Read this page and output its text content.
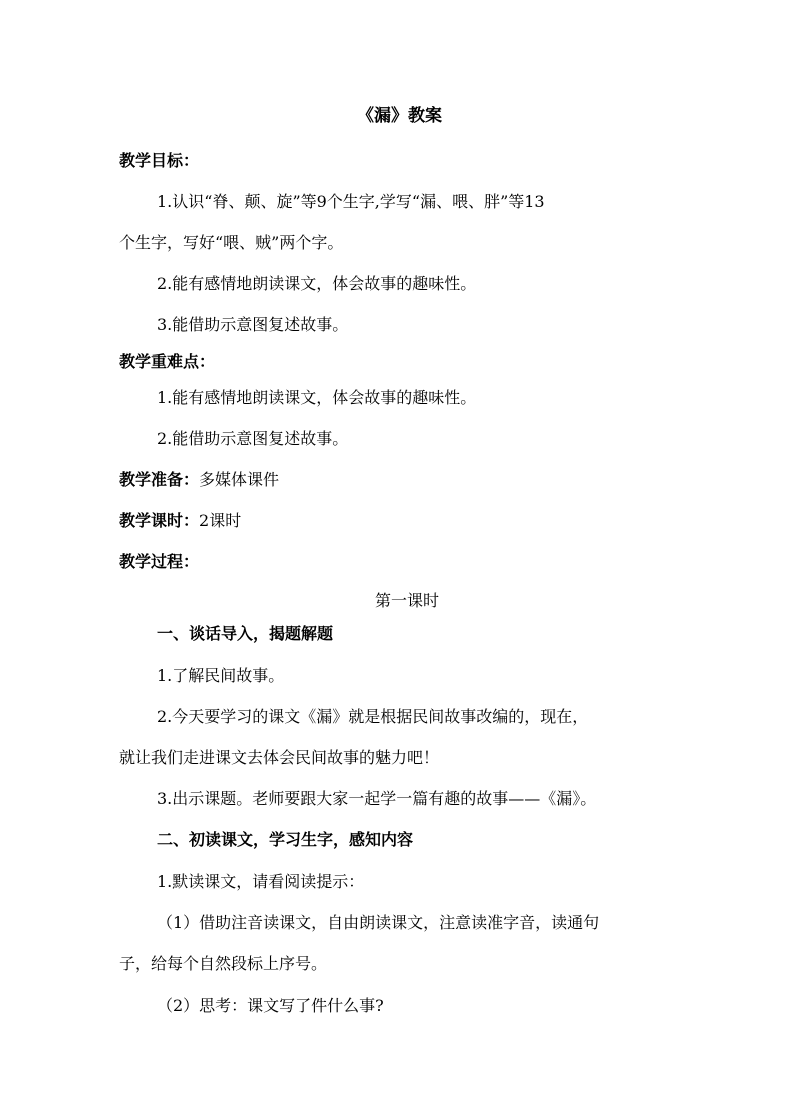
《漏》教案
教学目标：
1.认识“脊、颠、旋”等9个生字,学写“漏、喂、胖”等13
个生字，写好“喂、贼”两个字。
2.能有感情地朗读课文，体会故事的趣味性。
3.能借助示意图复述故事。
教学重难点：
1.能有感情地朗读课文，体会故事的趣味性。
2.能借助示意图复述故事。
教学准备：多媒体课件
教学课时：2课时
教学过程：
第一课时
一、谈话导入，揭题解题
1.了解民间故事。
2.今天要学习的课文《漏》就是根据民间故事改编的，现在，
就让我们走进课文去体会民间故事的魅力吧！
3.出示课题。老师要跟大家一起学一篇有趣的故事——《漏》。
二、初读课文，学习生字，感知内容
1.默读课文，请看阅读提示：
（1）借助注音读课文，自由朗读课文，注意读准字音，读通句
子，给每个自然段标上序号。
（2）思考：课文写了件什么事?
